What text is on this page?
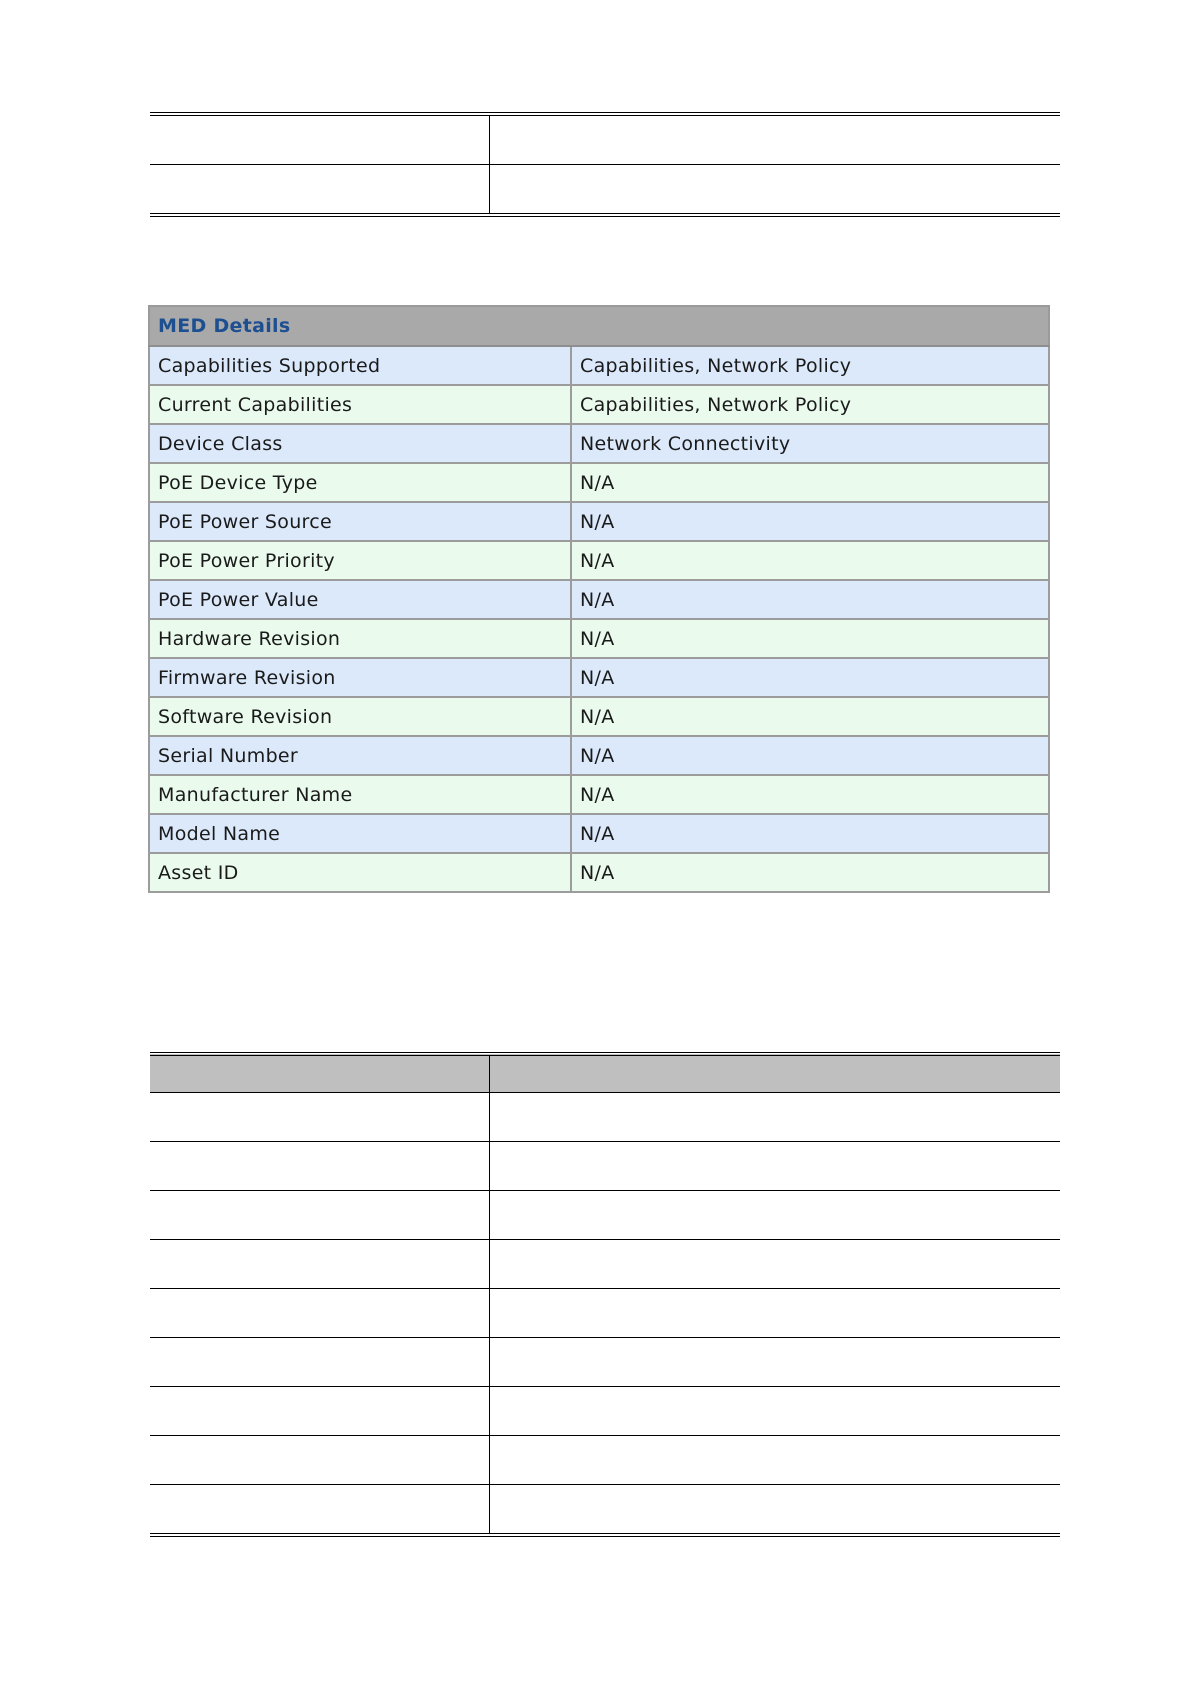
MED Details	
Capabilities Supported	Capabilities, Network Policy
Current Capabilities	Capabilities, Network Policy
Device Class	Network Connectivity
PoE Device Type	N/A
PoE Power Source	N/A
PoE Power Priority	N/A
PoE Power Value	N/A
Hardware Revision	N/A
Firmware Revision	N/A
Software Revision	N/A
Serial Number	N/A
Manufacturer Name	N/A
Model Name	N/A
Asset ID	N/A
